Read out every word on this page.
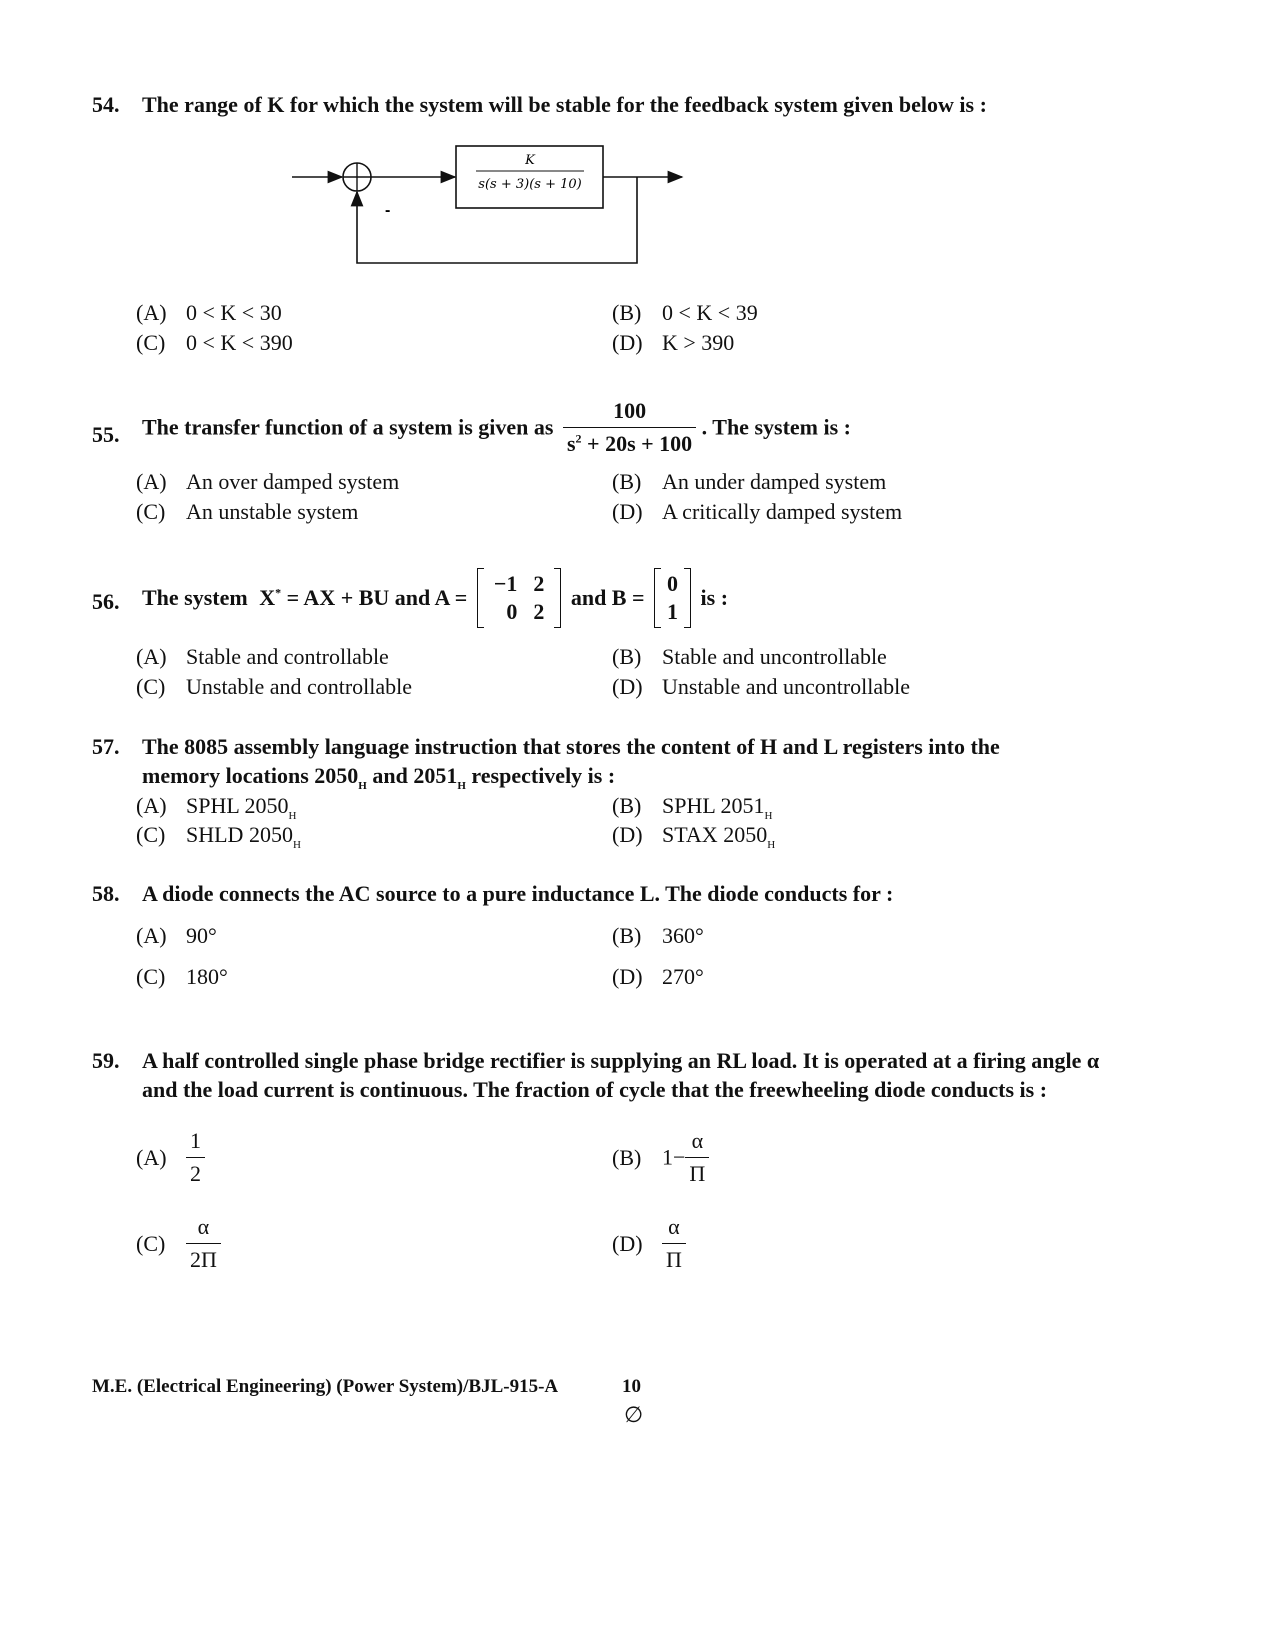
54. The range of K for which the system will be stable for the feedback system given below is :
K
s(s + 3)(s + 10)
-
(A) 0 < K < 30	(B) 0 < K < 39
(C) 0 < K < 390	(D) K > 390
55. The transfer function of a system is given as $\frac{100}{s^2 + 20s + 100}$ . The system is :
(A) An over damped system	(B) An under damped system
(C) An unstable system	(D) A critically damped system
56. The system X* = AX + BU and A =
−1	2
0	2
and B =
0
1
is :
(A) Stable and controllable	(B) Stable and uncontrollable
(C) Unstable and controllable	(D) Unstable and uncontrollable
57. The 8085 assembly language instruction that stores the content of H and L registers into the
memory locations $2050_H$ and $2051_H$ respectively is :
(A) SPHL $2050_H$	(B) SPHL $2051_H$
(C) SHLD $2050_H$	(D) STAX $2050_H$
58. A diode connects the AC source to a pure inductance L. The diode conducts for :
(A) 90°	(B) 360°
(C) 180°	(D) 270°
59. A half controlled single phase bridge rectifier is supplying an RL load. It is operated at a firing angle α
and the load current is continuous. The fraction of cycle that the freewheeling diode conducts is :
$(A) \frac{1}{2}$	(B) $1- \frac{\alpha}{\Pi}$
$(C) \frac{\alpha}{2\Pi}$	$(D) \frac{\alpha}{\Pi}$
M.E. (Electrical Engineering) (Power System)/BJL-915-A	10
∅
